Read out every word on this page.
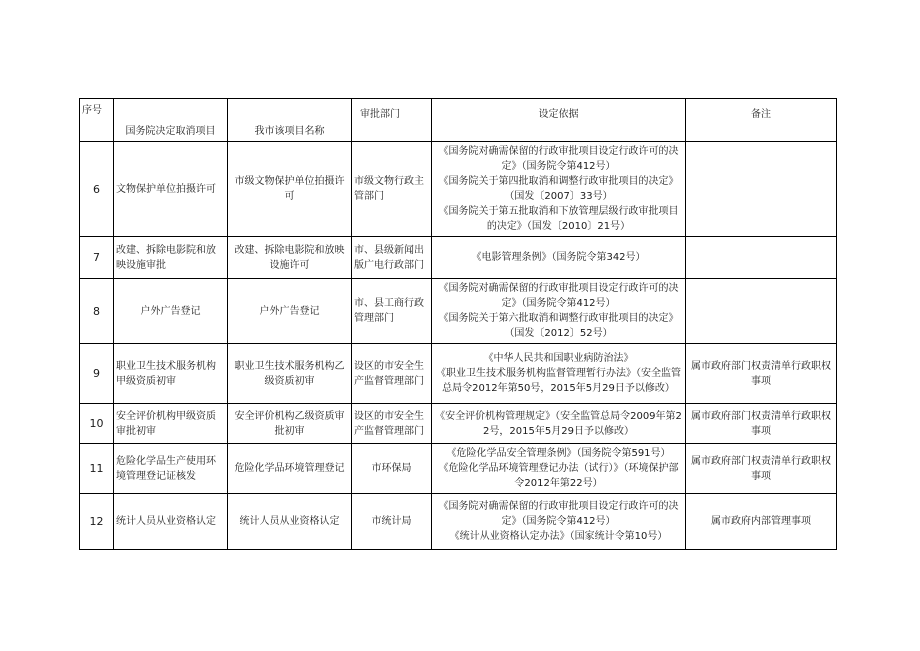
序号	国务院决定取消项目	我市该项目名称	审批部门	设定依据	备注
6	文物保护单位拍摄许可	市级文物保护单位拍摄许可	市级文物行政主管部门	《国务院对确需保留的行政审批项目设定行政许可的决定》（国务院令第412号）
《国务院关于第四批取消和调整行政审批项目的决定》（国发〔2007〕33号）
《国务院关于第五批取消和下放管理层级行政审批项目的决定》（国发〔2010〕21号）	

7	改建、拆除电影院和放映设施审批	改建、拆除电影院和放映设施许可	市、县级新闻出版广电行政部门	《电影管理条例》（国务院令第342号）	

8	户外广告登记	户外广告登记	市、县工商行政管理部门	《国务院对确需保留的行政审批项目设定行政许可的决定》（国务院令第412号）
《国务院关于第六批取消和调整行政审批项目的决定》（国发〔2012〕52号）	

9	职业卫生技术服务机构甲级资质初审	职业卫生技术服务机构乙级资质初审	设区的市安全生产监督管理部门	《中华人民共和国职业病防治法》
《职业卫生技术服务机构监督管理暂行办法》（安全监管总局令2012年第50号，2015年5月29日予以修改）	属市政府部门权责清单行政职权事项
10	安全评价机构甲级资质审批初审	安全评价机构乙级资质审批初审	设区的市安全生产监督管理部门	《安全评价机构管理规定》（安全监管总局令2009年第22号，2015年5月29日予以修改）	属市政府部门权责清单行政职权事项
11	危险化学品生产使用环境管理登记证核发	危险化学品环境管理登记	市环保局	《危险化学品安全管理条例》（国务院令第591号）
《危险化学品环境管理登记办法（试行）》（环境保护部令2012年第22号）	属市政府部门权责清单行政职权事项
12	统计人员从业资格认定	统计人员从业资格认定	市统计局	《国务院对确需保留的行政审批项目设定行政许可的决定》（国务院令第412号）
《统计从业资格认定办法》（国家统计令第10号）	属市政府内部管理事项
